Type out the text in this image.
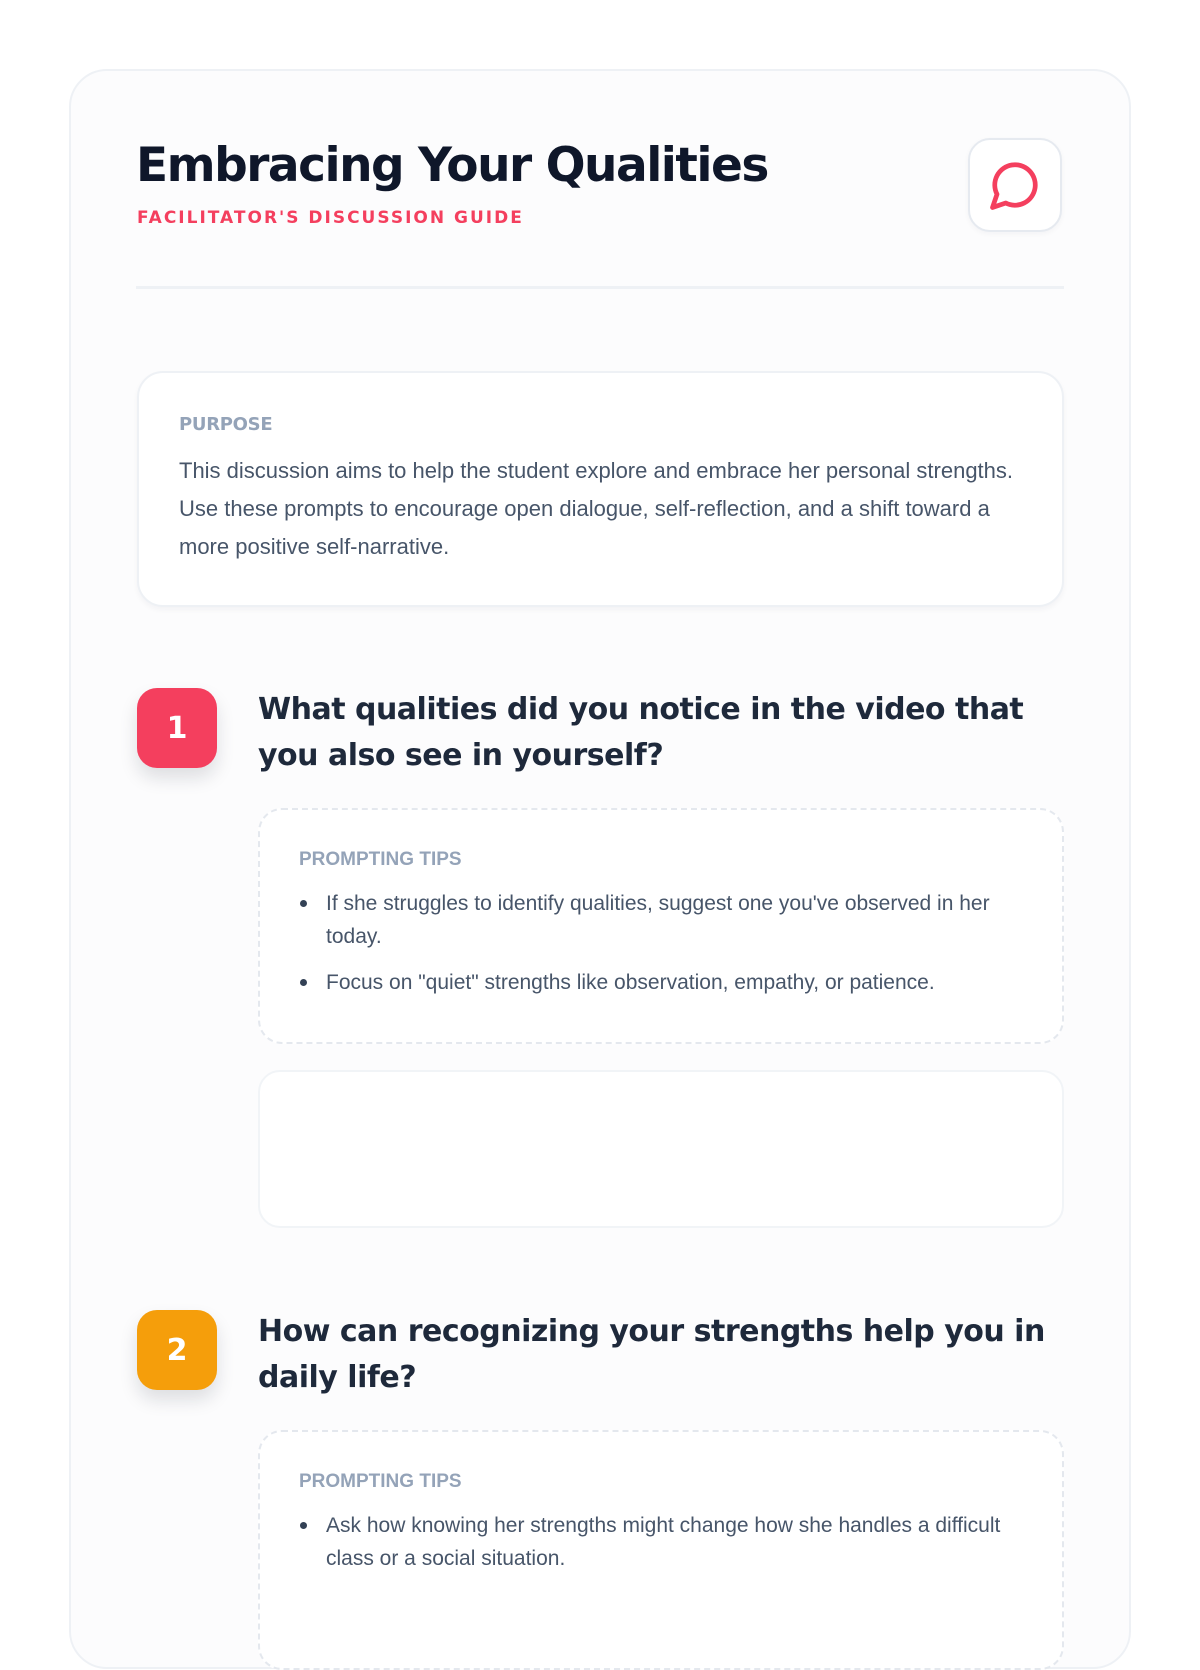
Embracing Your Qualities
FACILITATOR'S DISCUSSION GUIDE
PURPOSE

This discussion aims to help the student explore and embrace her personal strengths. Use these prompts to encourage open dialogue, self-reflection, and a shift toward a more positive self-narrative.

1
What qualities did you notice in the video that you also see in yourself?
PROMPTING TIPS
If she struggles to identify qualities, suggest one you've observed in her today.
Focus on "quiet" strengths like observation, empathy, or patience.
2
How can recognizing your strengths help you in daily life?
PROMPTING TIPS
Ask how knowing her strengths might change how she handles a difficult class or a social situation.
